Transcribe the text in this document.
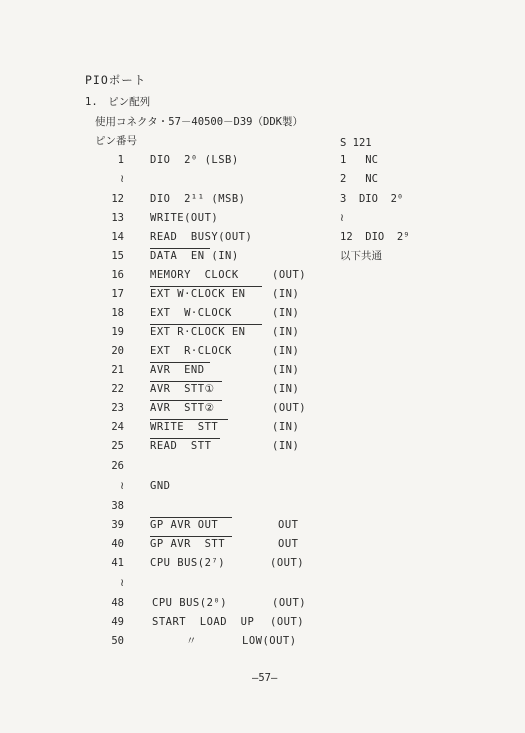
PIOポート
1.　ピン配列
使用コネクタ・57－40500－D39（DDK製）
ピン番号
1 DIO  2⁰ (LSB)
≀
12 DIO  2¹¹ (MSB)
13 WRITE(OUT)
14 READ  BUSY(OUT)
15 DATA  EN (IN)
16 MEMORY  CLOCK	(OUT)
17 EXT W·CLOCK EN	(IN)
18 EXT  W·CLOCK	(IN)
19 EXT R·CLOCK EN	(IN)
20 EXT  R·CLOCK	(IN)
21 AVR  END	(IN)
22 AVR  STT①	(IN)
23 AVR  STT②	(OUT)
24 WRITE  STT	(IN)
25 READ  STT	(IN)
26
≀ GND
38
39 GP AVR OUT	OUT
40 GP AVR  STT	OUT
41 CPU BUS(2⁷)	(OUT)
≀
48	CPU BUS(2⁰)	(OUT)
49	START  LOAD  UP (OUT)
50	〃	LOW(OUT)
S 121
1   NC
2   NC
3  DIO  2⁰
≀
12  DIO  2⁹
以下共通
—57—
